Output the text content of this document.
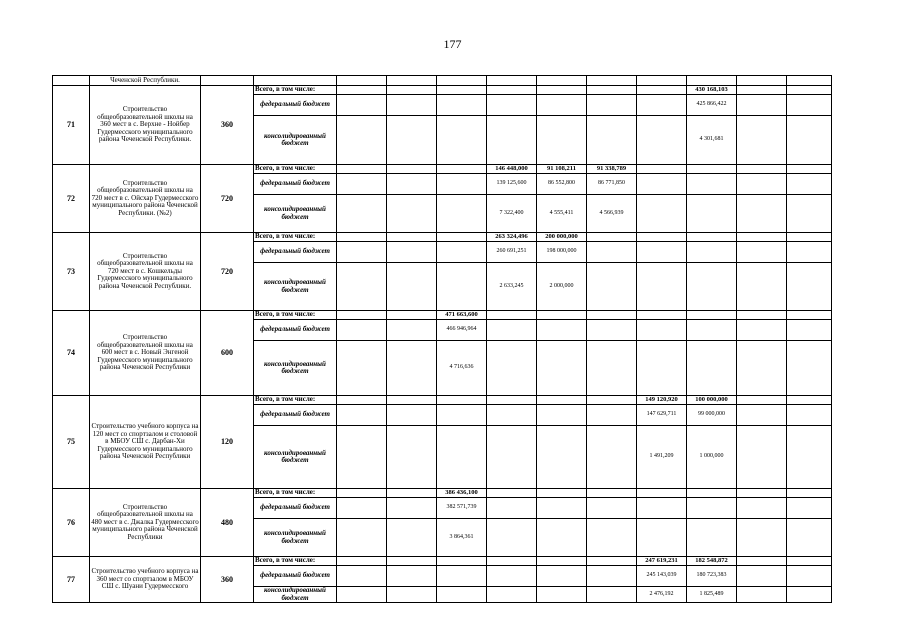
177
	Чеченской Республики.												
71	Строительство общеобразовательной школы на 360 мест в с. Верхне - Нойбер Гудермесского муниципального района Чеченской Республики.	360	Всего, в том числе:								430 168,103		
			федеральный бюджет								425 866,422		
			консолидированный бюджет								4 301,681		
72	Строительство общеобразовательной школы на 720 мест в с. Ойсхар Гудермесского муниципального района Чеченской Республики. (№2)	720	Всего, в том числе:				146 448,000	91 108,211	91 338,789				
			федеральный бюджет				139 125,600	86 552,800	86 771,850				
			консолидированный бюджет				7 322,400	4 555,411	4 566,939				
73	Строительство общеобразовательной школы на 720 мест в с. Кошкельды Гудермесского муниципального района Чеченской Республики.	720	Всего, в том числе:				263 324,496	200 000,000					
			федеральный бюджет				260 691,251	198 000,000					
			консолидированный бюджет				2 633,245	2 000,000					
74	Строительство общеобразовательной школы на 600 мест в с. Новый Энгеной Гудермесского муниципального района Чеченской Республики	600	Всего, в том числе:			471 663,600							
			федеральный бюджет			466 946,964							
			консолидированный бюджет			4 716,636							
75	Строительство учебного корпуса на 120 мест со спортзалом и столовой в МБОУ СШ с. Дарбан-Хи Гудермесского муниципального района Чеченской Республики	120	Всего, в том числе:							149 120,920	100 000,000		
			федеральный бюджет							147 629,711	99 000,000		
			консолидированный бюджет							1 491,209	1 000,000		
76	Строительство общеобразовательной школы на 480 мест в с. Джалка Гудермесского муниципального района Чеченской Республики	480	Всего, в том числе:			386 436,100							
			федеральный бюджет			382 571,739							
			консолидированный бюджет			3 864,361							
77	Строительство учебного корпуса на 360 мест со спортзалом в МБОУ СШ с. Шуани Гудермесского	360	Всего, в том числе:							247 619,231	182 548,872		
			федеральный бюджет							245 143,039	180 723,383		
			консолидированный бюджет							2 476,192	1 825,489		
